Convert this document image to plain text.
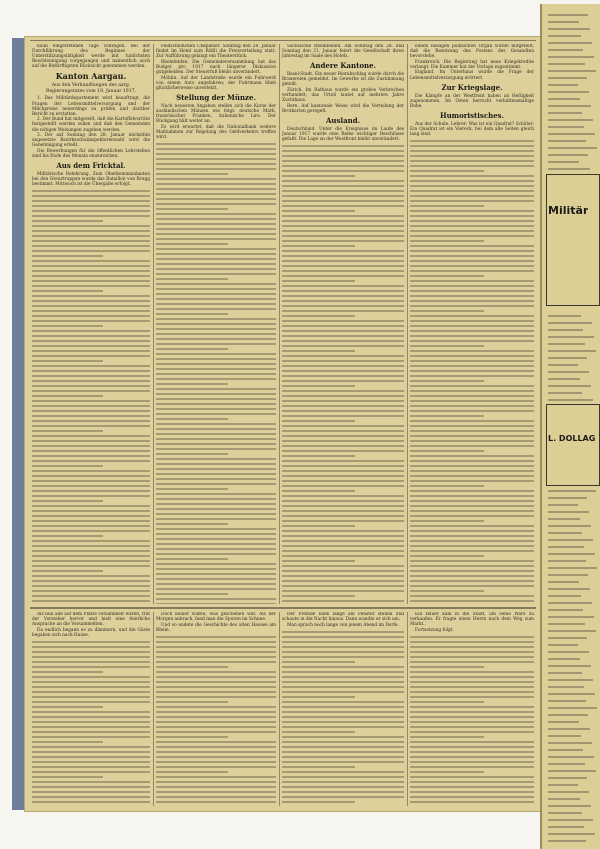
hauh eingetretenen Tage vollzogen. Bei der Durchführung des Beginnes der Unterstützungstätigkeit werde mit tunlichsten Beschleunigung vorgegangen und namentlich auch auf die Bedürftigsten Rücksicht genommen werden.

Kanton Aargau.
Aus den Verhandlungen des aarg. Regierungsrates vom 19. Januar 1917.

1. Das Militärdepartement wird beauftragt, die Fragen der Lebensmittelversorgung und der Milchpreise neuerdings zu prüfen und darüber Bericht zu erstatten.

2. Der Bund hat mitgeteilt, daß die Kartoffelvorräte festgestellt werden sollen und daß den Gemeinden die nötigen Weisungen zugehen werden.

3. Der auf Sonntag den 28. Januar nächsthin angesetzte Bezirksschulinspektorenwahl wird die Genehmigung erteilt.

Die Bewerbungen für die öffentlichen Lehrstellen sind bis Ende des Monats einzureichen.

Aus dem Fricktal.

Militärische Belehrung. Zum Oberkommandanten bei den Grenztruppen wurde das Bataillon von Brugg bestimmt. Mittwoch ist die Übergabe erfolgt.

Feldschlößchen Chepanier. Sonntag den 28. Januar findet im Hotel zum Rößli die Preisverteilung statt. Zur Aufführung gelangt ein Theaterstück.

Rheinfelden. Die Gemeindeversammlung hat das Budget pro 1917 nach längerer Diskussion gutgeheißen. Der Steuerfuß bleibt unverändert.

Möhlin. Auf der Landstraße wurde ein Fuhrwerk von einem Auto angefahren; der Fuhrmann blieb glücklicherweise unverletzt.

Stellung der Münze.

Nach neuesten Angaben stellen sich die Kurse der ausländischen Münzen wie folgt: deutsche Mark, französischer Franken, italienische Lire. Der Rückgang hält weiter an.

Es wird erwartet, daß die Nationalbank weitere Maßnahmen zur Regelung des Geldverkehrs treffen wird.

Sächsische Rheinfelden. Am Sonntag den 28. und Sonntag den 21. Januar feiert die Gesellschaft ihren Jahrestag im Saale des Hotels.

Andere Kantone.

Basel-Stadt. Ein neuer Bierabschlag wurde durch die Brauereien gemeldet. Im Gewerbe ist die Zustimmung geteilt.

Zürich. Im Rathaus wurde ein großes Verbrechen verhandelt; das Urteil lautet auf mehrere Jahre Zuchthaus.

Bern. Auf kantonale Weise wird die Verteilung der Brotkarten geregelt.

Ausland.

Deutschland. Unter die Ereignisse im Laufe des Januar 1917 wurde eine Reihe wichtiger Beschlüsse gefaßt. Die Lage an der Westfront bleibt unverändert.

einem hiesigen politischen Organ wurde mitgeteilt, daß die Besetzung des Postens des Gesandten bevorstehe.

Frankreich. Die Regierung hat neue Kriegskredite verlangt. Die Kammer hat der Vorlage zugestimmt.

England. Im Unterhaus wurde die Frage der Lebensmittelversorgung erörtert.

Zur Kriegslage.

Die Kämpfe an der Westfront haben an Heftigkeit zugenommen. Im Osten herrscht verhältnismäßige Ruhe.

Humoristisches.

Aus der Schule. Lehrer: Was ist ein Quadrat? Schüler: Ein Quadrat ist ein Viereck, bei dem alle Seiten gleich lang sind.

Als nun alle auf dem Platze versammelt waren, trat der Vorsteher hervor und hielt eine feierliche Ansprache an die Versammelten.

Da endlich begann es zu dämmern, und die Gäste begaben sich nach Hause.

Doch keiner wußte, was geschehen war. Als der Morgen anbrach, fand man die Spuren im Schnee.

Und so endete die Geschichte des alten Hauses am Rhein.

Der Fremde blieb lange am Fenster stehen und schaute in die Nacht hinaus. Dann wandte er sich um.

Man sprach noch lange von jenem Abend im Dorfe.

Ein Bauer kam in die Stadt, um seine Ware zu verkaufen. Er fragte einen Herrn nach dem Weg zum Markt.

Fortsetzung folgt.

Militär
L. DOLLAG
